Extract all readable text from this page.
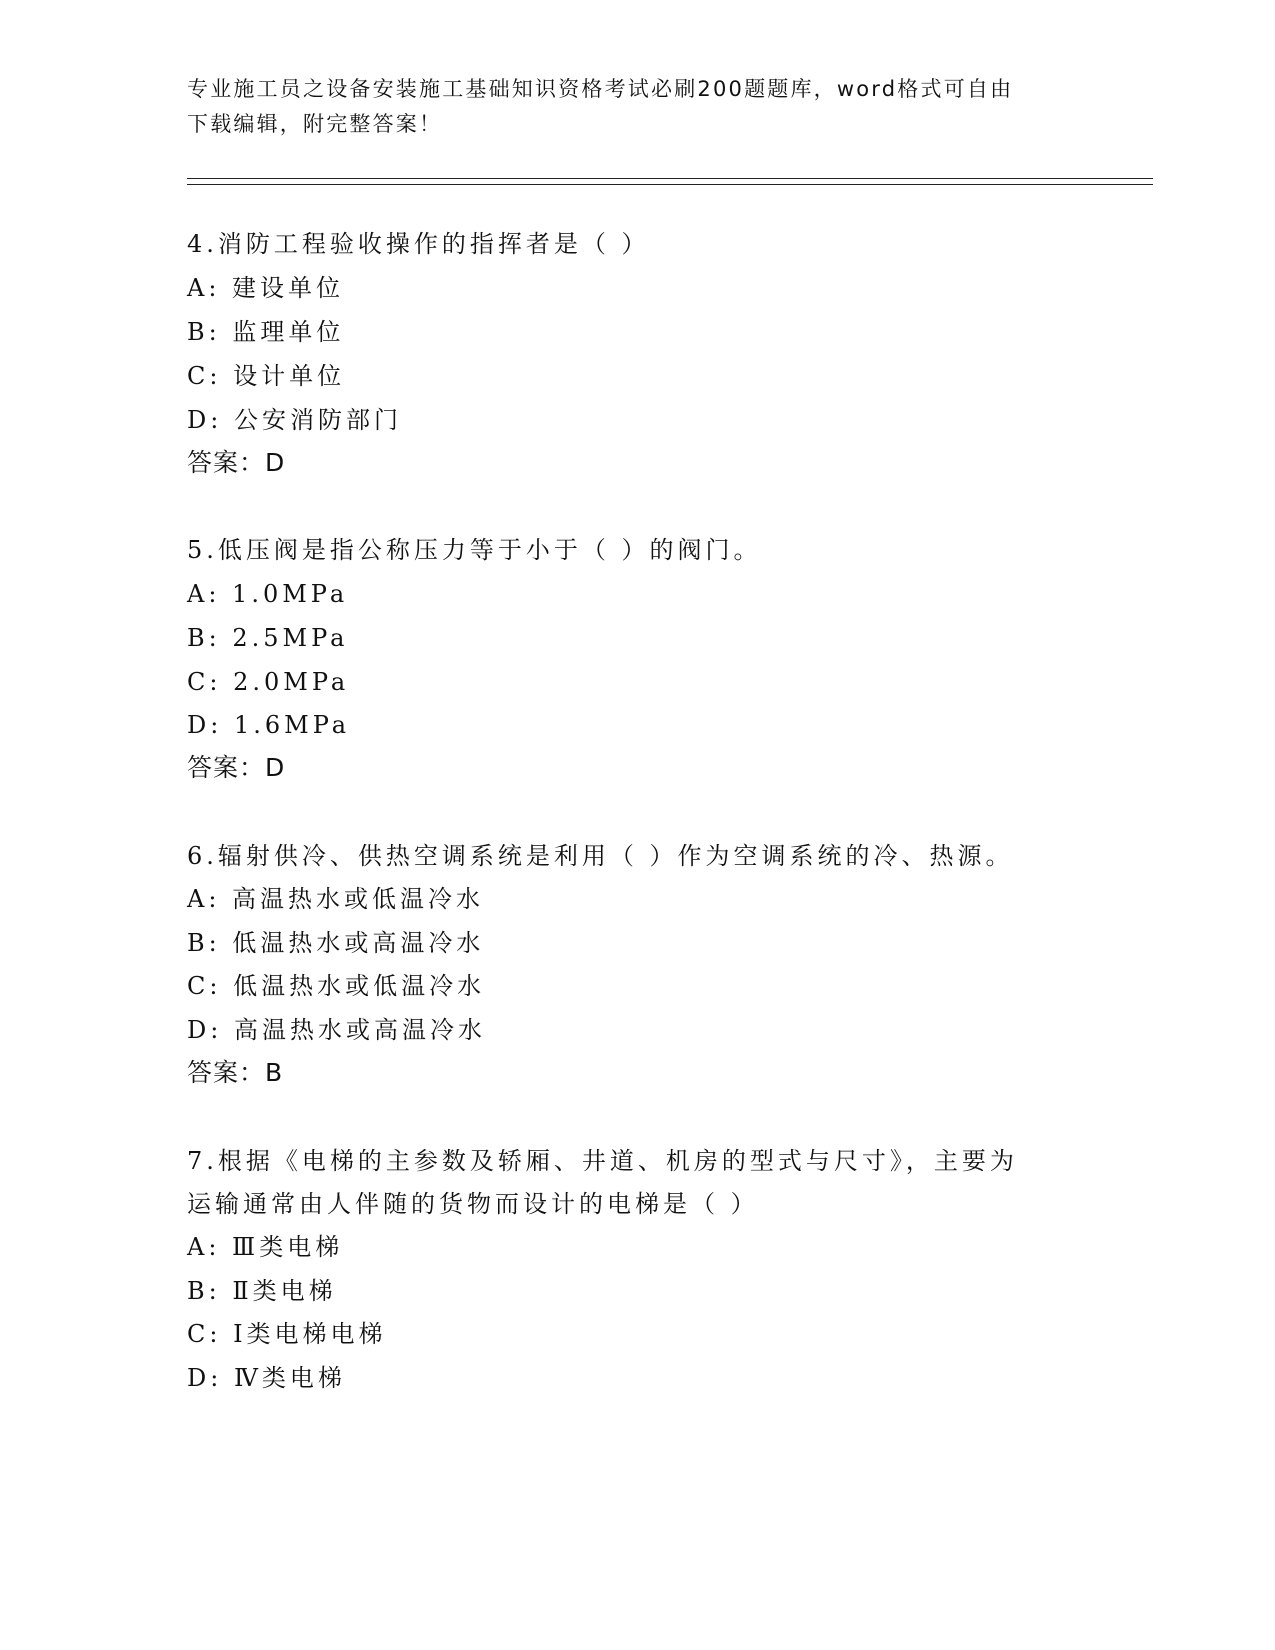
专业施工员之设备安装施工基础知识资格考试必刷200题题库，word格式可自由
下载编辑，附完整答案！
4.消防工程验收操作的指挥者是（ ）
A: 建设单位
B: 监理单位
C: 设计单位
D: 公安消防部门
答案：D
5.低压阀是指公称压力等于小于（ ）的阀门。
A: 1.0MPa
B: 2.5MPa
C: 2.0MPa
D: 1.6MPa
答案：D
6.辐射供冷、供热空调系统是利用（ ）作为空调系统的冷、热源。
A: 高温热水或低温冷水
B: 低温热水或高温冷水
C: 低温热水或低温冷水
D: 高温热水或高温冷水
答案：B
7.根据《电梯的主参数及轿厢、井道、机房的型式与尺寸》，主要为
运输通常由人伴随的货物而设计的电梯是（ ）
A: Ⅲ类电梯
B: Ⅱ类电梯
C: Ⅰ类电梯电梯
D: Ⅳ类电梯
